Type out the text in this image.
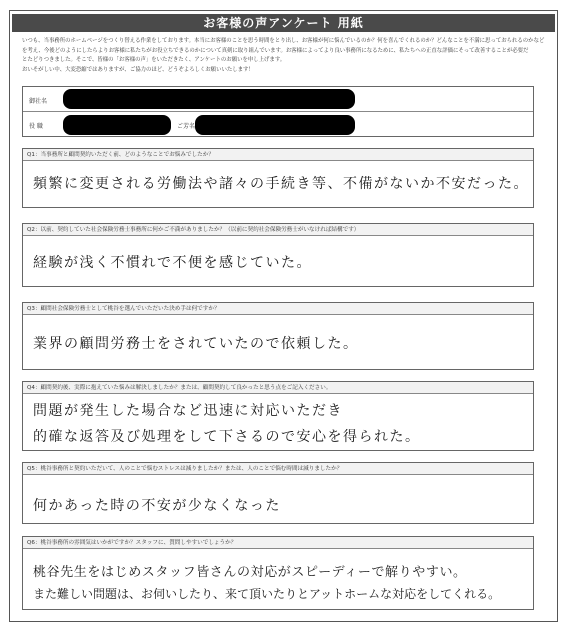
お客様の声アンケート 用紙
いつも、当事務所のホームページをつくり替える作業をしております。本当にお客様のことを思う時間をとり出し、お客様が何に悩んでいるのか？何を喜んでくれるのか？どんなことを不満に思っておられるのかなど
を考え、今後どのようにしたらよりお客様に私たちがお役立ちできるのかについて真剣に取り組んでいます。お客様によってより良い事務所になるために、私たちへの正直な評価にそって改善することが必要だ
とたどりつきました。そこで、皆様の「お客様の声」をいただきたく、アンケートのお願いを申し上げます。
おいそがしい中、大変恐縮ではありますが、ご協力のほど、どうぞよろしくお願いいたします！
御社名
役 職	ご芳名
Q1：当事務所と顧問契約いただく前、どのようなことでお悩みでしたか？
頻繁に変更される労働法や諸々の手続き等、不備がないか不安だった。
Q2：以前、契約していた社会保険労務士事務所に何かご不満がありましたか？（以前に契約社会保険労務士がいなければ結構です）
経験が浅く不慣れで不便を感じていた。
Q3：顧問社会保険労務士として桃谷を選んでいただいた決め手は何ですか？
業界の顧問労務士をされていたので依頼した。
Q4：顧問契約後、実際に抱えていた悩みは解決しましたか？または、顧問契約して良かったと思う点をご記入ください。
問題が発生した場合など迅速に対応いただき
的確な返答及び処理をして下さるので安心を得られた。
Q5：桃谷事務所と契約いただいて、人のことで悩むストレスは減りましたか？または、人のことで悩む時間は減りましたか？
何かあった時の不安が少なくなった
Q6：桃谷事務所の雰囲気はいかがですか？スタッフに、質問しやすいでしょうか？
桃谷先生をはじめスタッフ皆さんの対応がスピーディーで解りやすい。
また難しい問題は、お伺いしたり、来て頂いたりとアットホームな対応をしてくれる。
